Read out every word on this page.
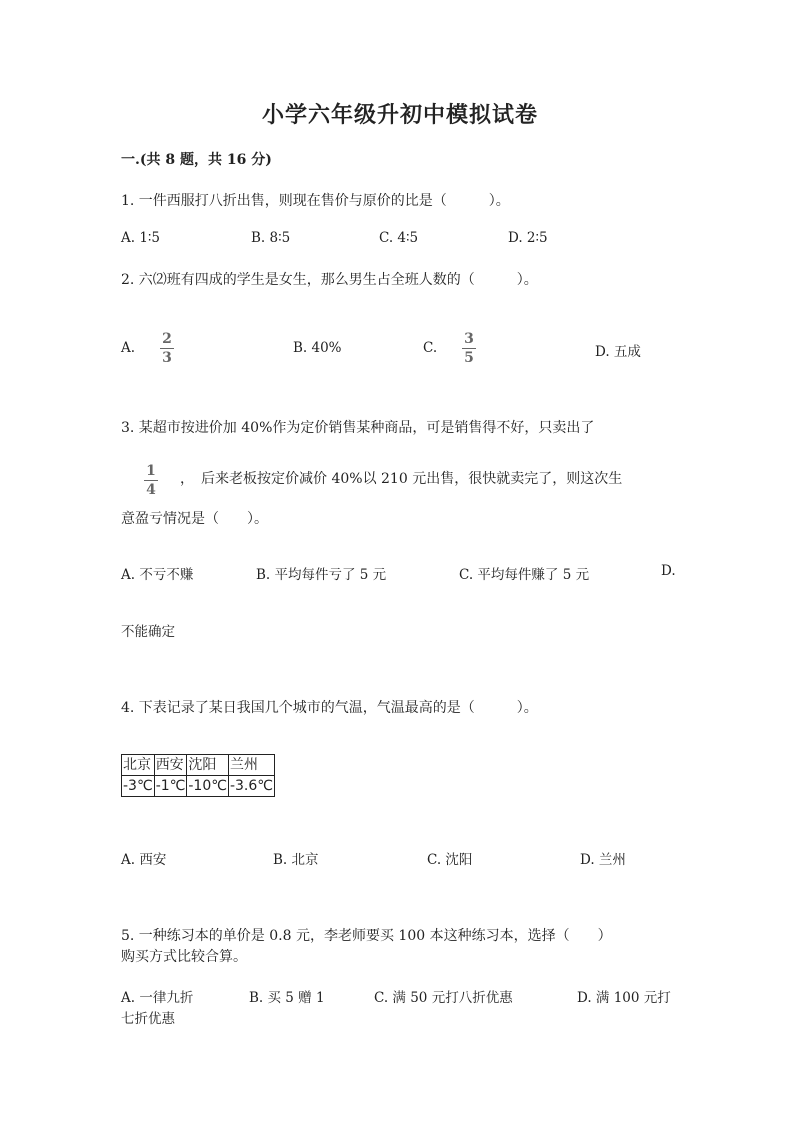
小学六年级升初中模拟试卷
一.(共 8 题，共 16 分)
1. 一件西服打八折出售，则现在售价与原价的比是（　　　）。
A. 1∶5	B. 8∶5	C. 4∶5	D. 2∶5
2. 六⑵班有四成的学生是女生，那么男生占全班人数的（　　　）。
A.
2
3
B. 40%	C.
3
5	D. 五成
3. 某超市按进价加 40%作为定价销售某种商品，可是销售得不好，只卖出了
1
4
，　后来老板按定价减价 40%以 210 元出售，很快就卖完了，则这次生
意盈亏情况是（　　）。
A. 不亏不赚	B. 平均每件亏了 5 元	C. 平均每件赚了 5 元	D.
不能确定
4. 下表记录了某日我国几个城市的气温，气温最高的是（　　　）。
北京	西安	沈阳	兰州
-3℃	-1℃	-10℃	-3.6℃
A. 西安	B. 北京	C. 沈阳	D. 兰州
5. 一种练习本的单价是 0.8 元，李老师要买 100 本这种练习本，选择（　　）
购买方式比较合算。
A. 一律九折	B. 买 5 赠 1	C. 满 50 元打八折优惠	D. 满 100 元打
七折优惠
